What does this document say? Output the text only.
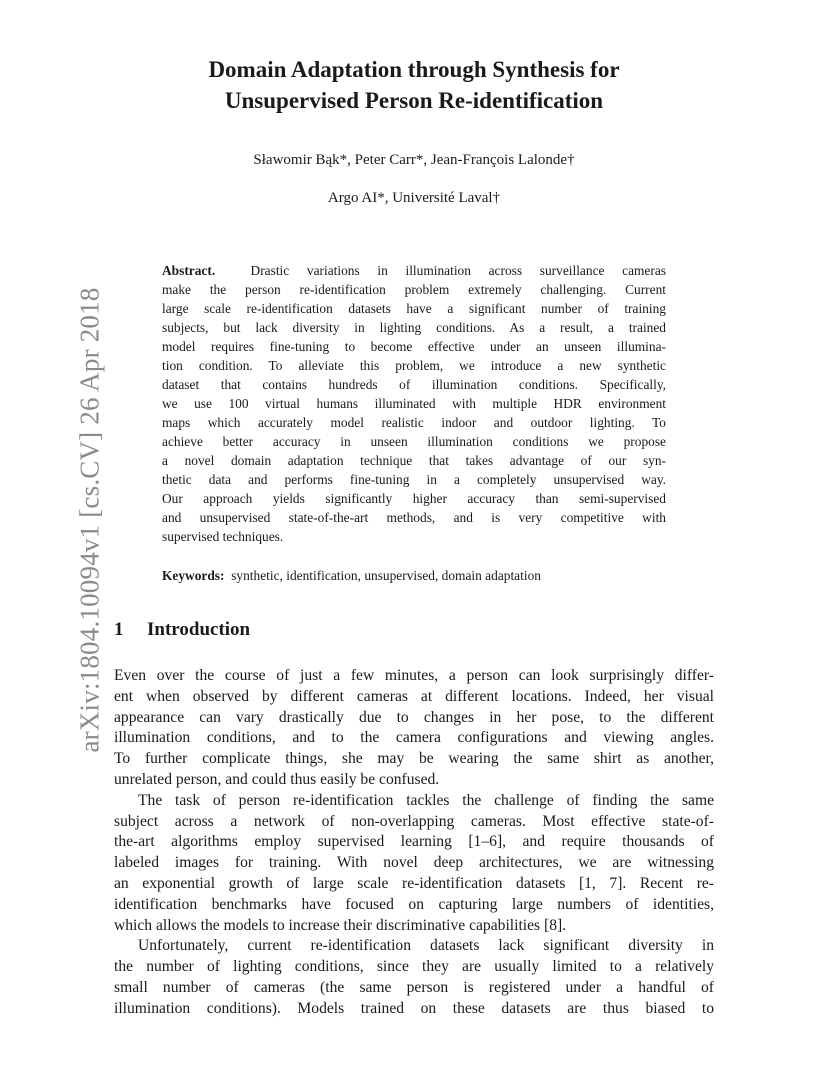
arXiv:1804.10094v1 [cs.CV] 26 Apr 2018
Domain Adaptation through Synthesis for
Unsupervised Person Re-identification
Sławomir Bąk*, Peter Carr*, Jean-François Lalonde†
Argo AI*, Université Laval†
Abstract.	Drastic variations in illumination across surveillance cameras
make the person re-identification problem extremely challenging. Current
large scale re-identification datasets have a significant number of training
subjects, but lack diversity in lighting conditions. As a result, a trained
model requires fine-tuning to become effective under an unseen illumina-
tion condition. To alleviate this problem, we introduce a new synthetic
dataset that contains hundreds of illumination conditions. Specifically,
we use 100 virtual humans illuminated with multiple HDR environment
maps which accurately model realistic indoor and outdoor lighting. To
achieve better accuracy in unseen illumination conditions we propose
a novel domain adaptation technique that takes advantage of our syn-
thetic data and performs fine-tuning in a completely unsupervised way.
Our approach yields significantly higher accuracy than semi-supervised
and unsupervised state-of-the-art methods, and is very competitive with
supervised techniques.
Keywords: synthetic, identification, unsupervised, domain adaptation
1 Introduction
Even over the course of just a few minutes, a person can look surprisingly differ-
ent when observed by different cameras at different locations. Indeed, her visual
appearance can vary drastically due to changes in her pose, to the different
illumination conditions, and to the camera configurations and viewing angles.
To further complicate things, she may be wearing the same shirt as another,
unrelated person, and could thus easily be confused.
The task of person re-identification tackles the challenge of finding the same
subject across a network of non-overlapping cameras. Most effective state-of-
the-art algorithms employ supervised learning [1–6], and require thousands of
labeled images for training. With novel deep architectures, we are witnessing
an exponential growth of large scale re-identification datasets [1, 7]. Recent re-
identification benchmarks have focused on capturing large numbers of identities,
which allows the models to increase their discriminative capabilities [8].
Unfortunately, current re-identification datasets lack significant diversity in
the number of lighting conditions, since they are usually limited to a relatively
small number of cameras (the same person is registered under a handful of
illumination conditions). Models trained on these datasets are thus biased to
